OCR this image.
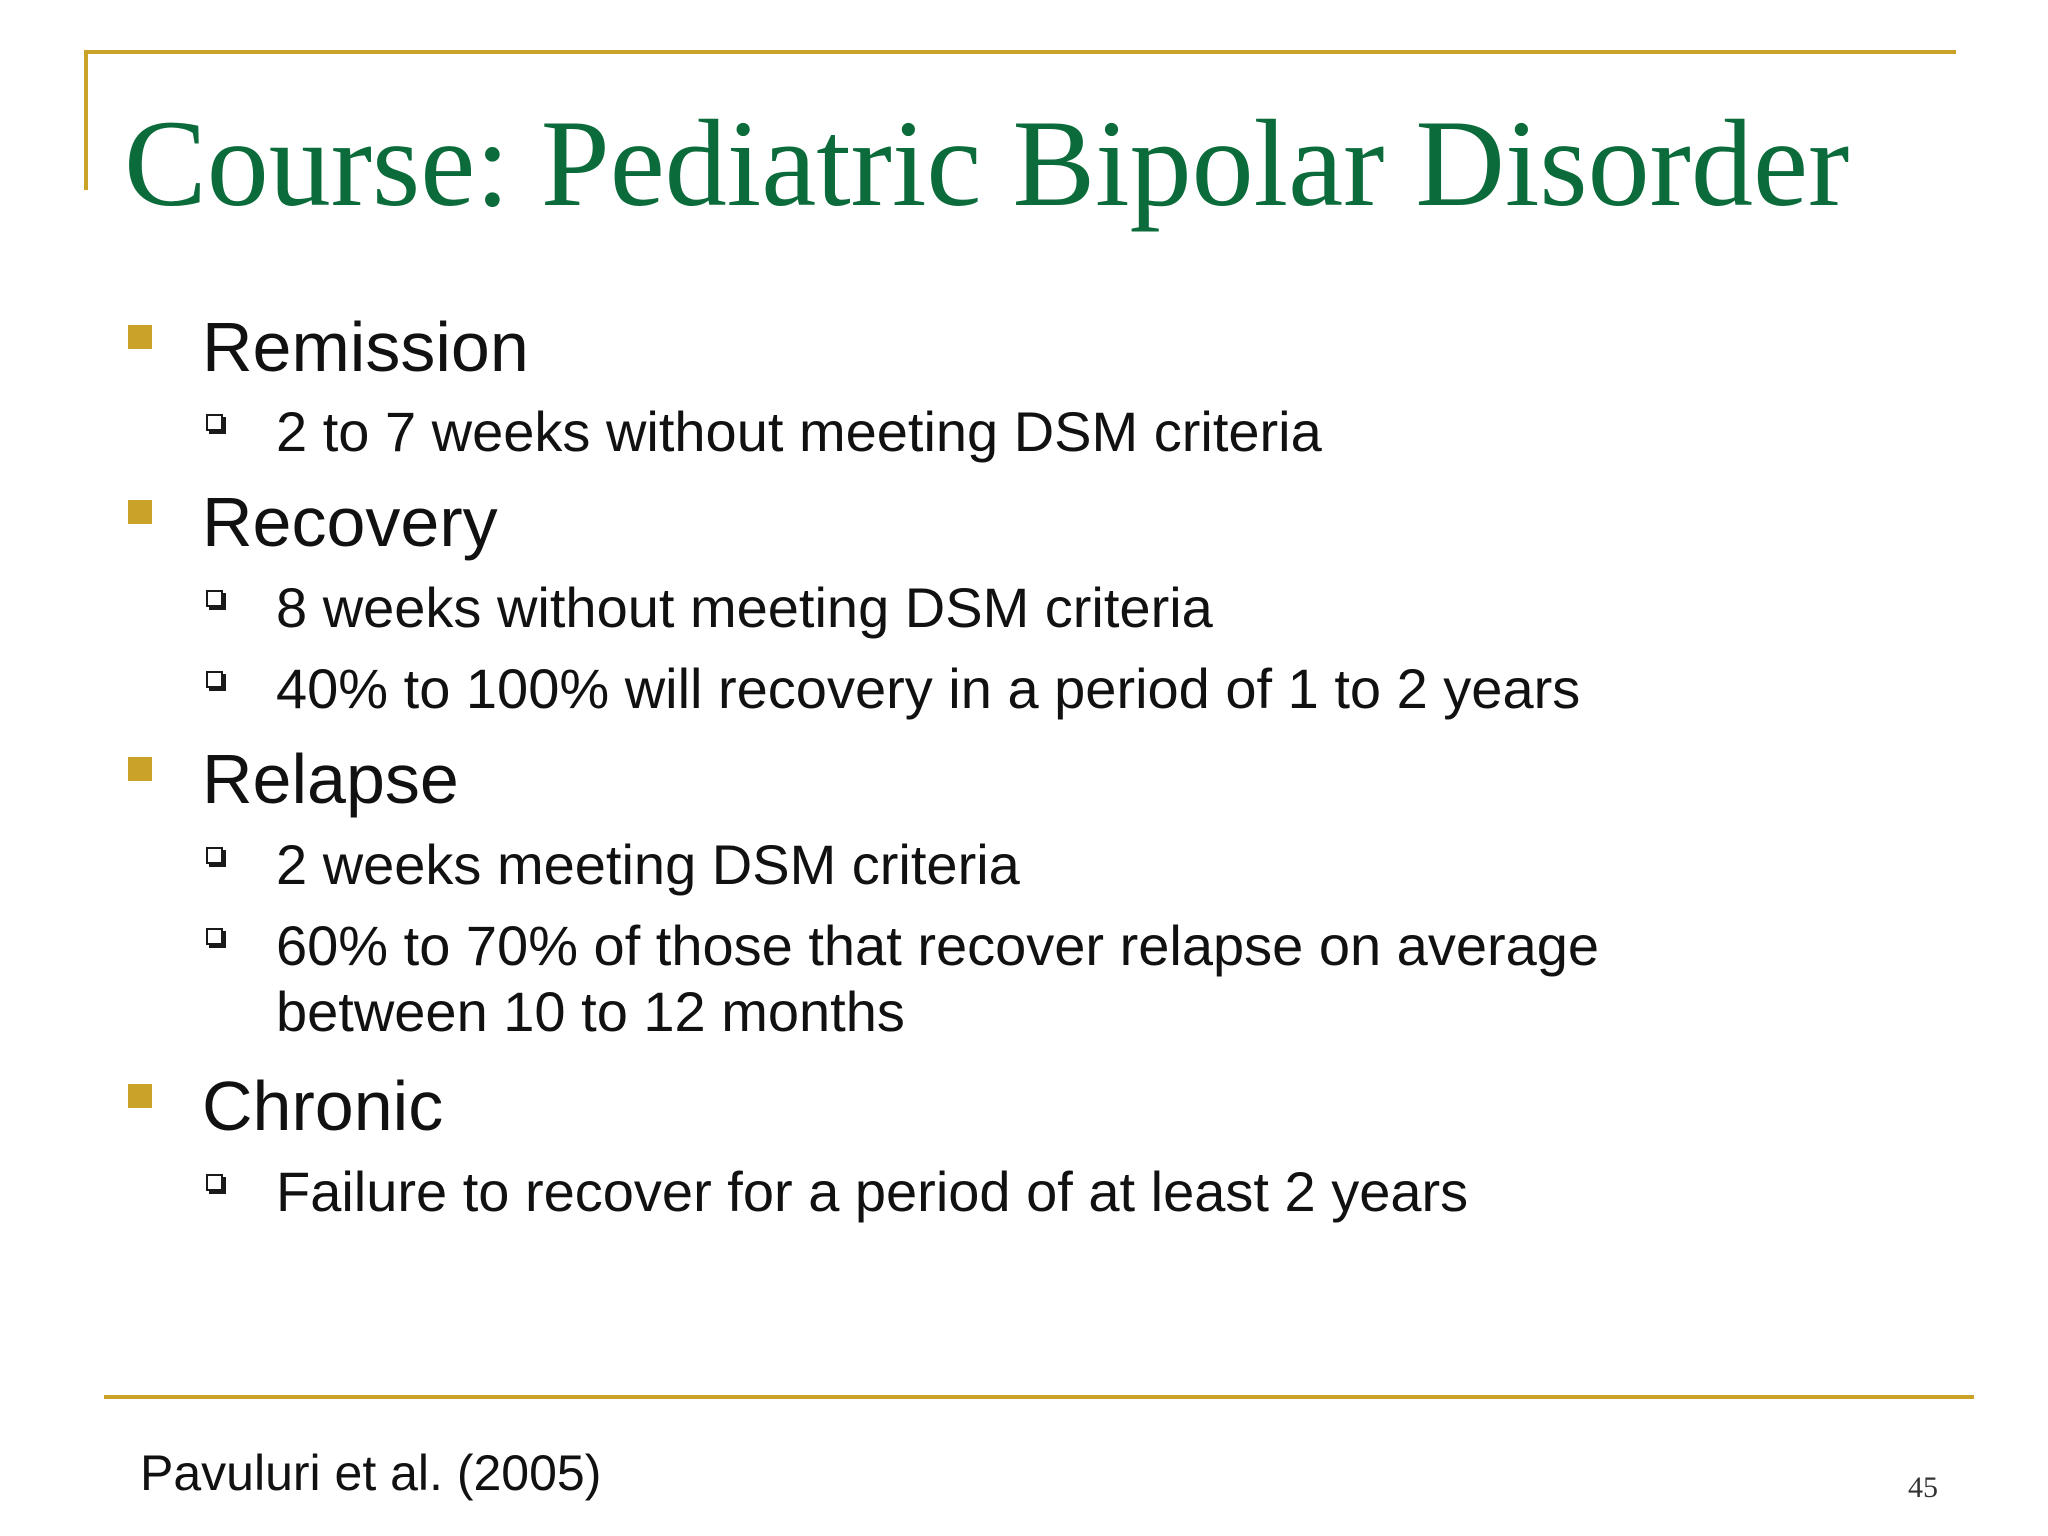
Course: Pediatric Bipolar Disorder
Remission
2 to 7 weeks without meeting DSM criteria
Recovery
8 weeks without meeting DSM criteria
40% to 100% will recovery in a period of 1 to 2 years
Relapse
2 weeks meeting DSM criteria
60% to 70% of those that recover relapse on average
between 10 to 12 months
Chronic
Failure to recover for a period of at least 2 years
Pavuluri et al. (2005)	45
